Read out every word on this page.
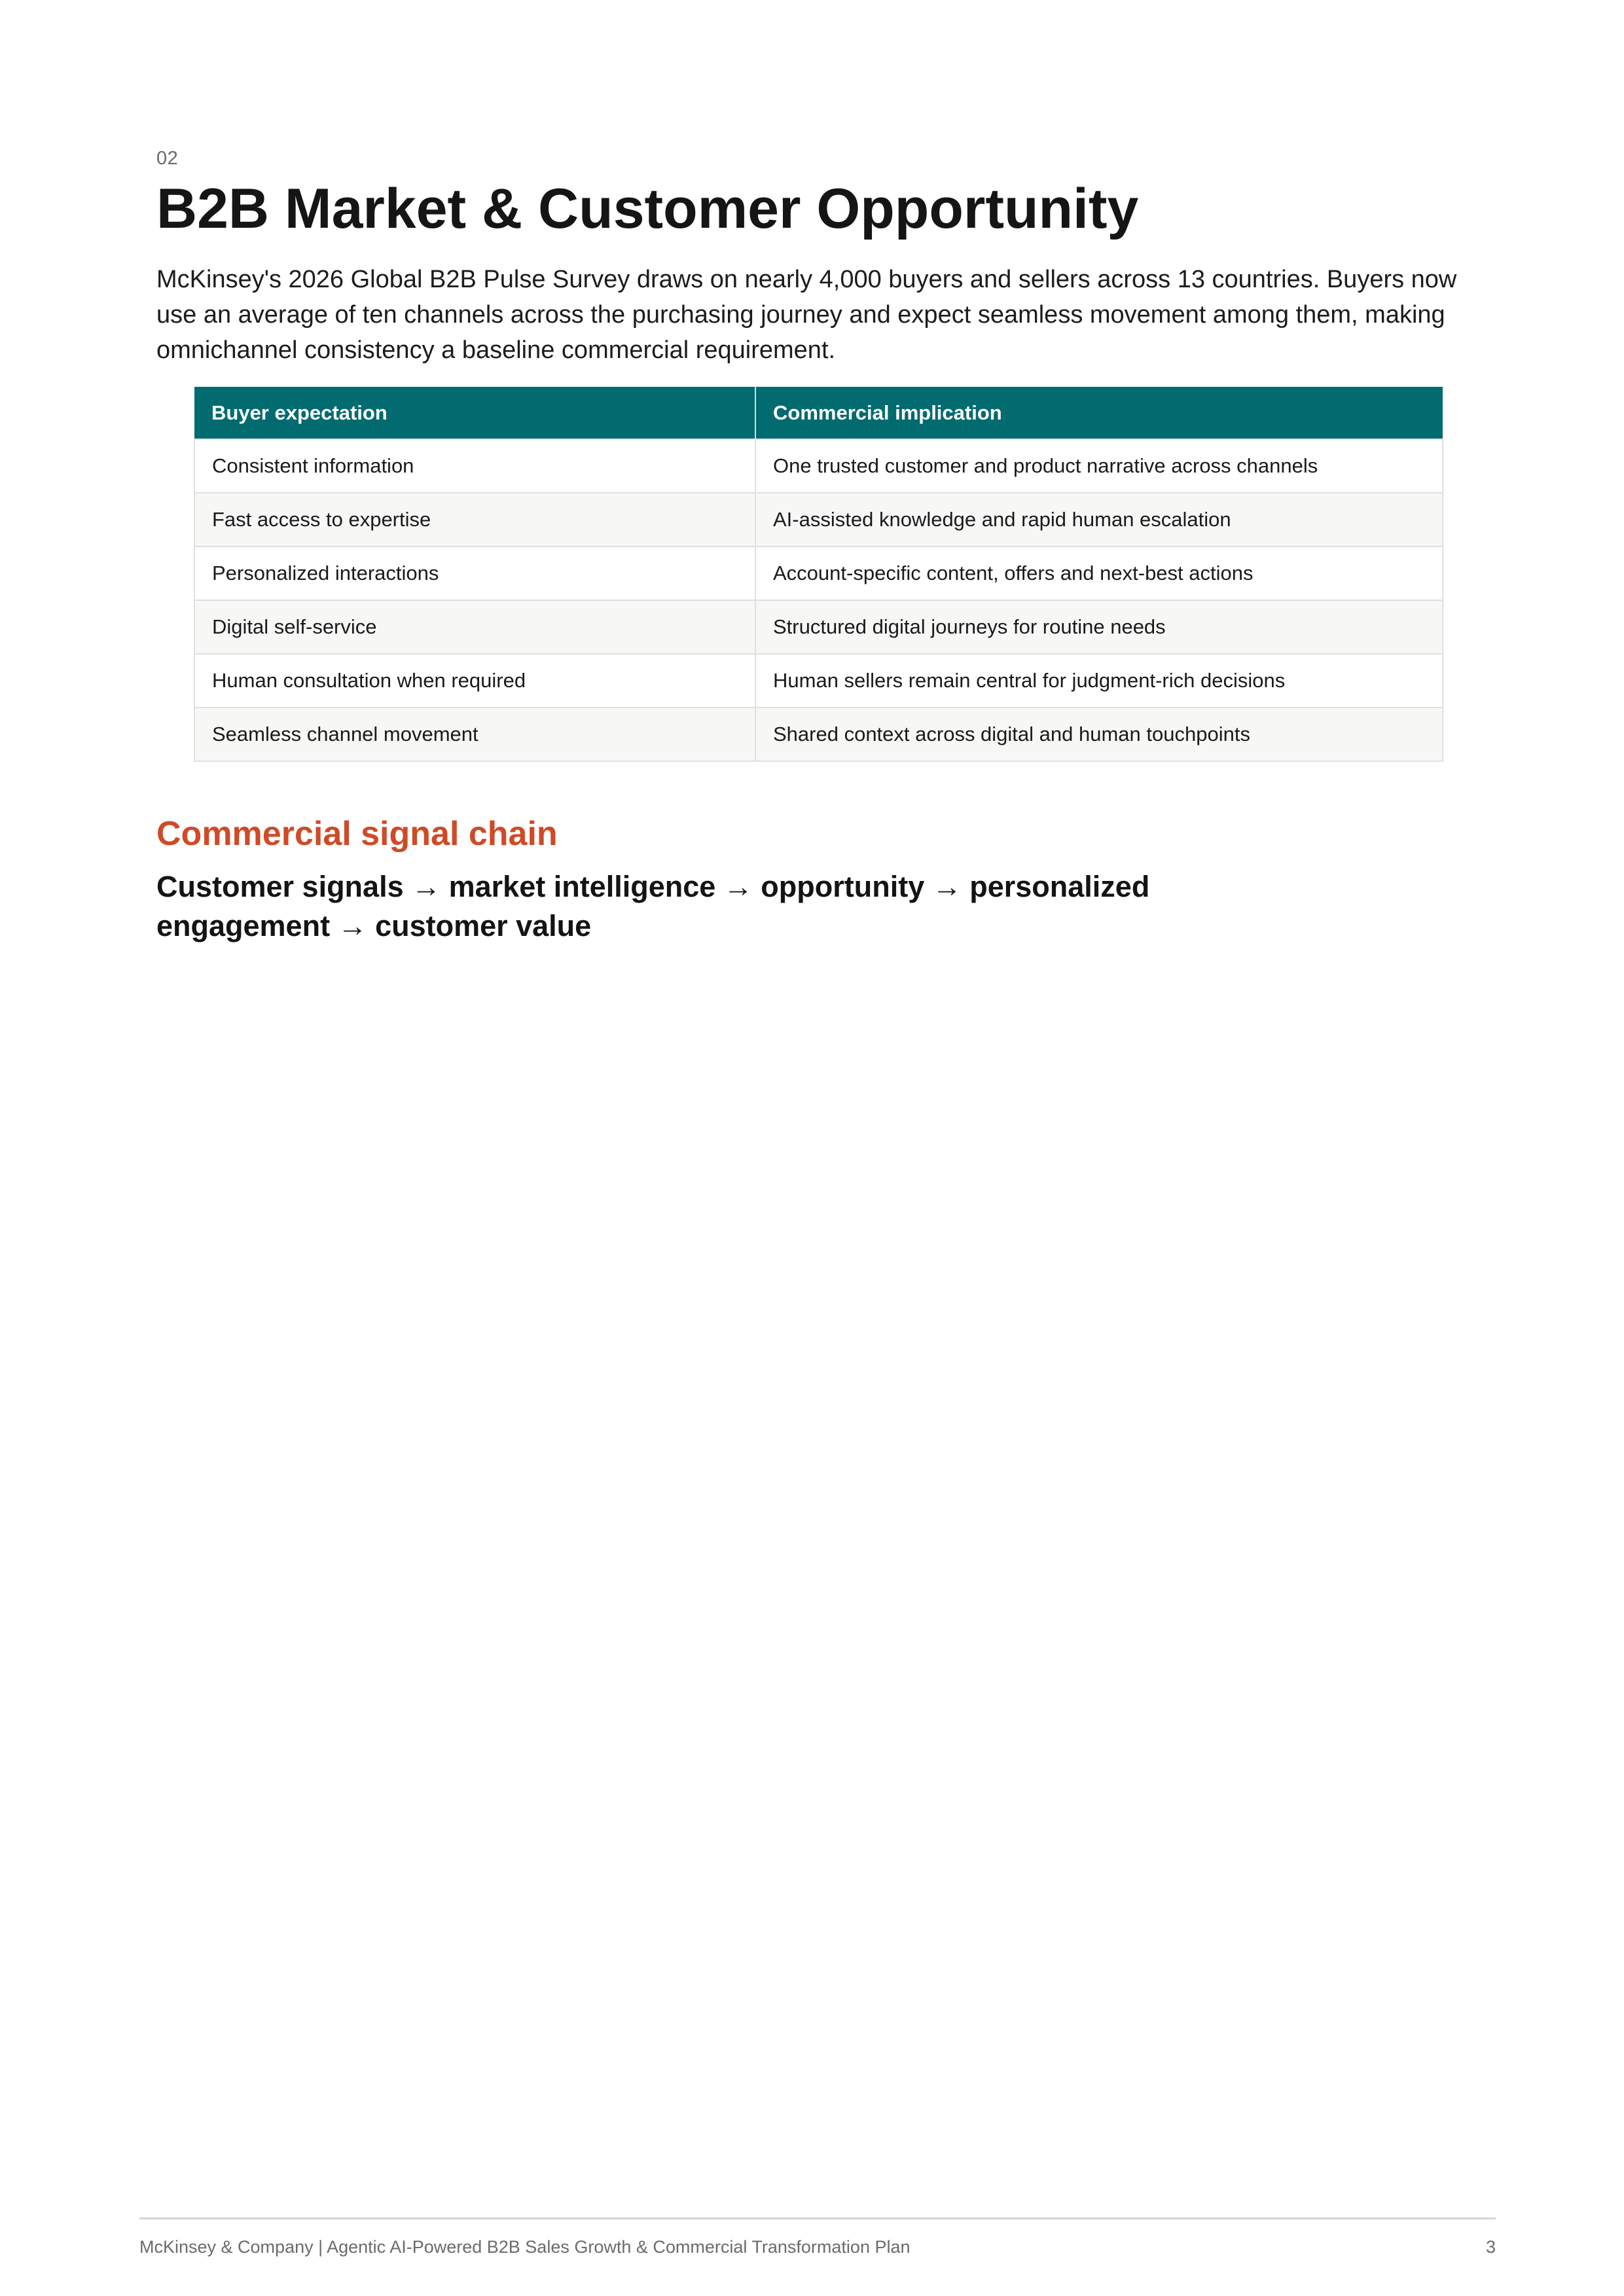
02
B2B Market & Customer Opportunity

McKinsey's 2026 Global B2B Pulse Survey draws on nearly 4,000 buyers and sellers across 13 countries. Buyers now use an average of ten channels across the purchasing journey and expect seamless movement among them, making omnichannel consistency a baseline commercial requirement.

Buyer expectation	Commercial implication
Consistent information	One trusted customer and product narrative across channels
Fast access to expertise	AI-assisted knowledge and rapid human escalation
Personalized interactions	Account-specific content, offers and next-best actions
Digital self-service	Structured digital journeys for routine needs
Human consultation when required	Human sellers remain central for judgment-rich decisions
Seamless channel movement	Shared context across digital and human touchpoints
Commercial signal chain

Customer signals → market intelligence → opportunity → personalized engagement → customer value

McKinsey & Company | Agentic AI-Powered B2B Sales Growth & Commercial Transformation Plan	3
